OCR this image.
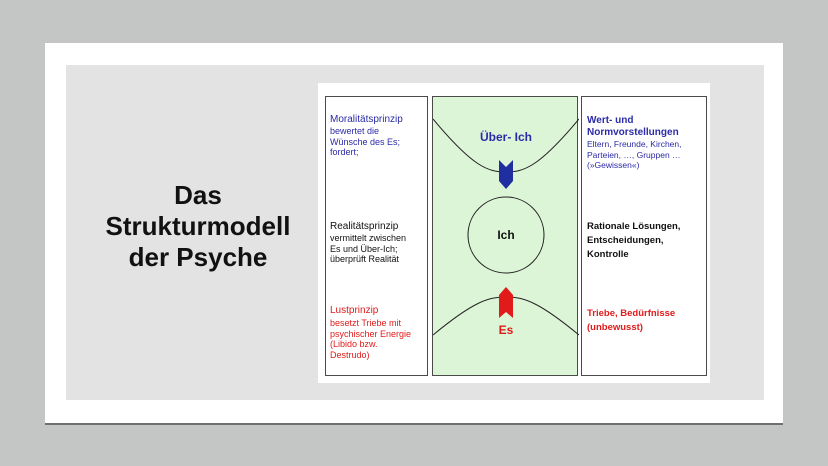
Das
Strukturmodell
der Psyche
Moralitätsprinzip
bewertet die
Wünsche des Es;
fordert;
Realitätsprinzip
vermittelt zwischen
Es und Über-Ich;
überprüft Realität
Lustprinzip
besetzt Triebe mit
psychischer Energie
(Libido bzw.
Destrudo)
Über- Ich
Ich
Es
Wert- und
Normvorstellungen
Eltern, Freunde, Kirchen,
Parteien, …, Gruppen …
(»Gewissen«)
Rationale Lösungen,
Entscheidungen,
Kontrolle
Triebe, Bedürfnisse
(unbewusst)
